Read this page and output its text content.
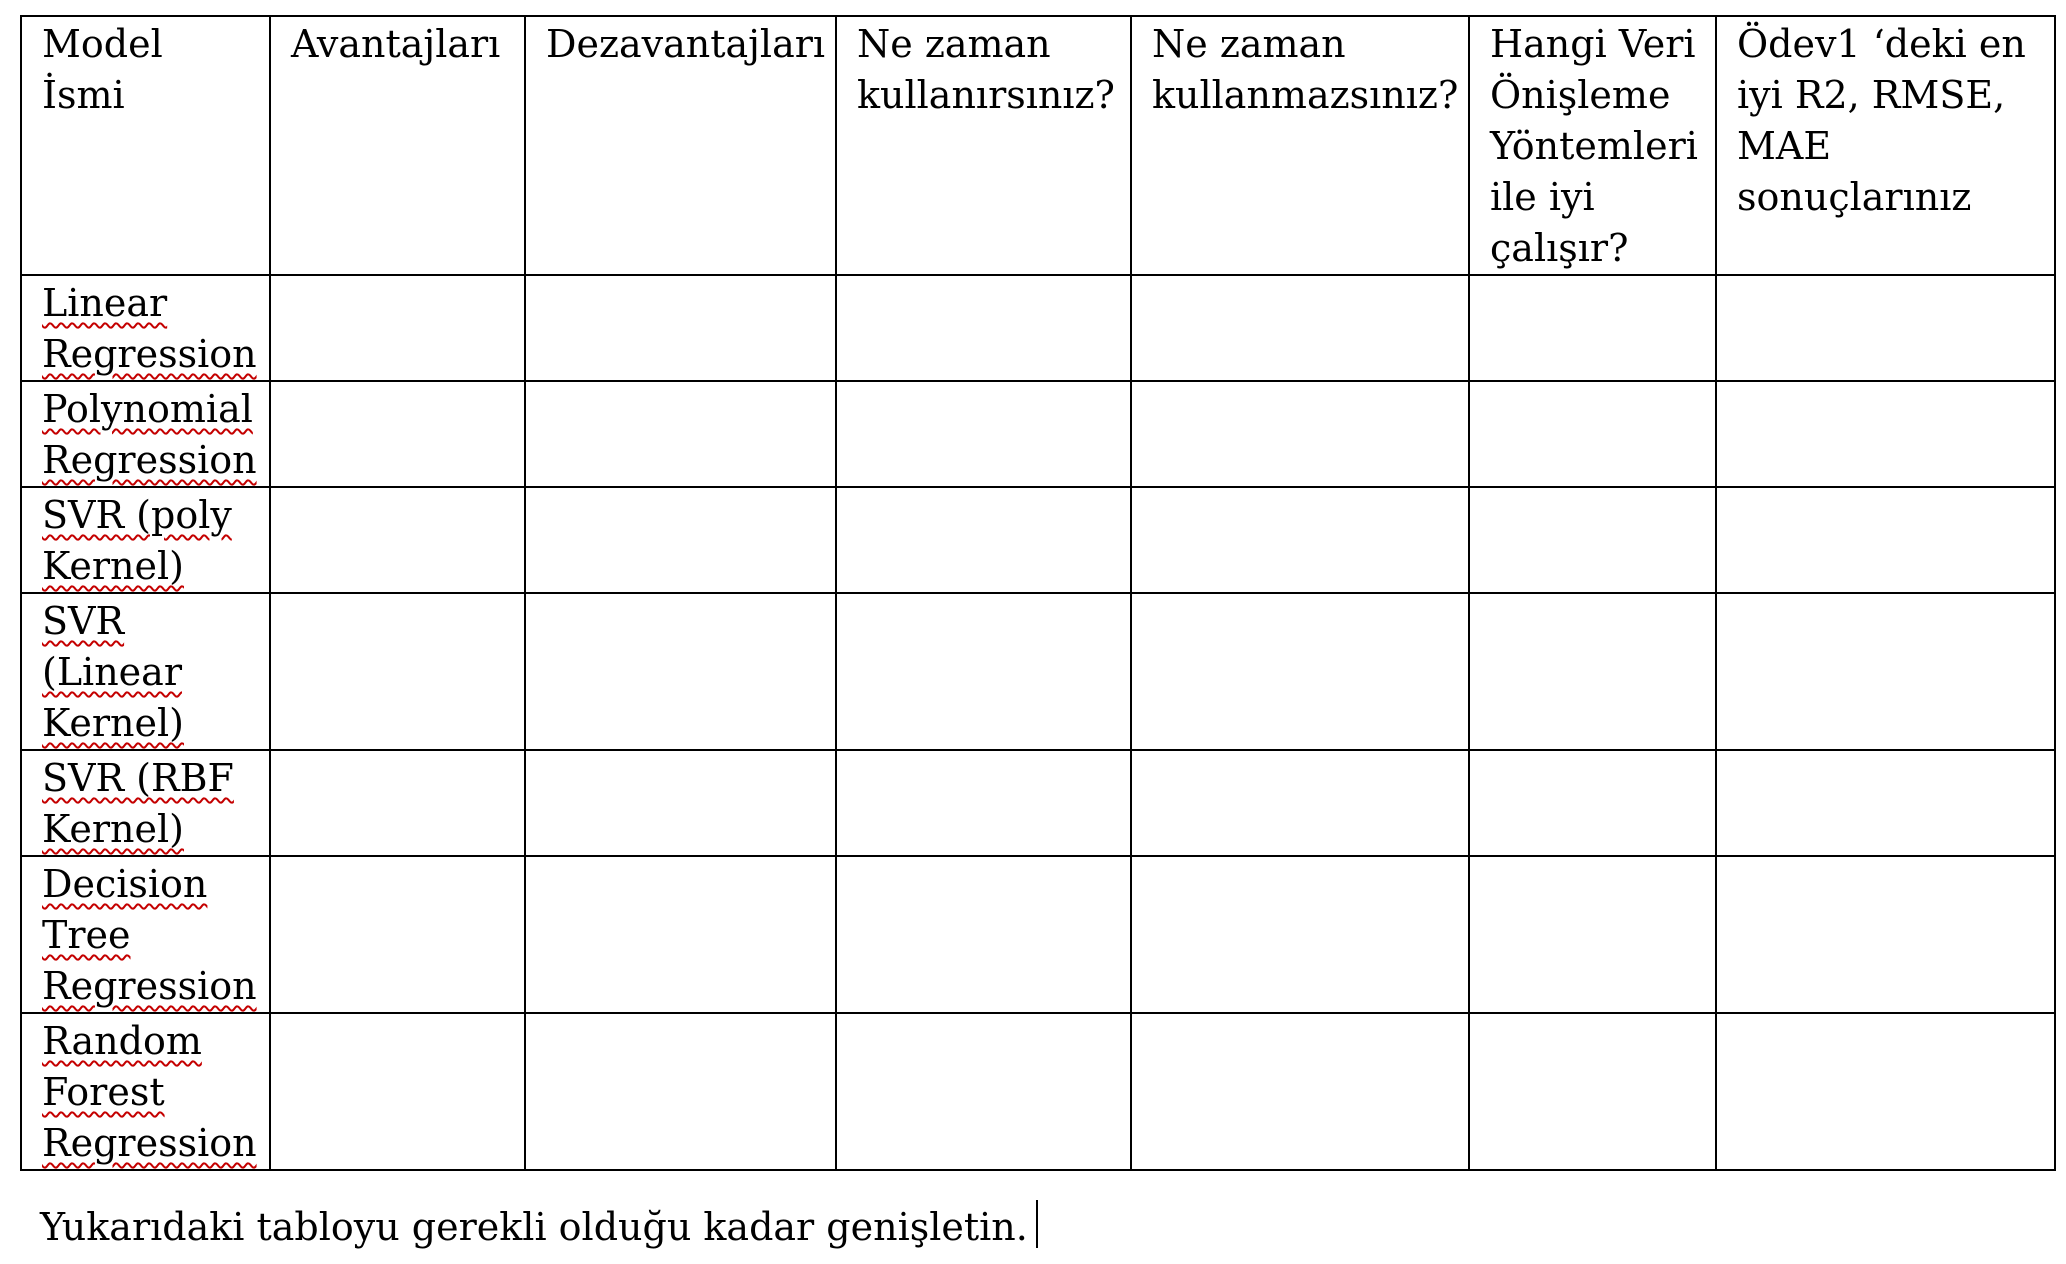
Model İsmi	Avantajları	Dezavantajları	Ne zaman kullanırsınız?	Ne zaman kullanmazsınız?	Hangi Veri Önişleme Yöntemleri ile iyi çalışır?	Ödev1 ‘deki en iyi R2, RMSE, MAE sonuçlarınız
Linear Regression						
Polynomial Regression						
SVR (poly Kernel)						
SVR (Linear Kernel)						
SVR (RBF Kernel)						
Decision Tree Regression						
Random Forest Regression						
Yukarıdaki tabloyu gerekli olduğu kadar genişletin.
